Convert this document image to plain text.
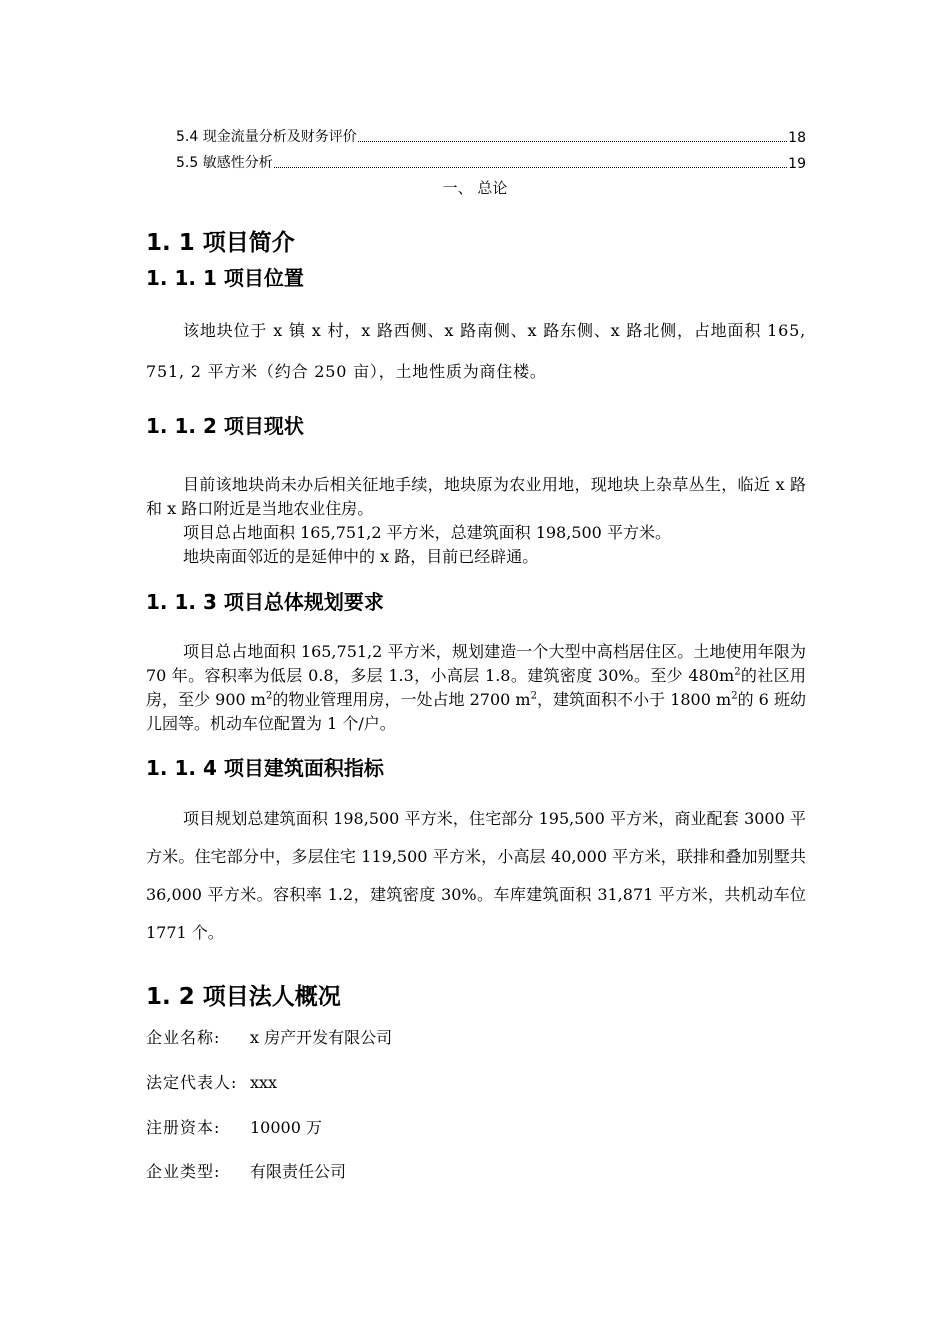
5.4 现金流量分析及财务评价	18
5.5 敏感性分析	19
一、 总论
1. 1 项目简介
1. 1. 1 项目位置

该地块位于 x 镇 x 村，x 路西侧、x 路南侧、x 路东侧、x 路北侧，占地面积 165, 751, 2 平方米（约合 250 亩），土地性质为商住楼。

1. 1. 2 项目现状

目前该地块尚未办后相关征地手续，地块原为农业用地，现地块上杂草丛生，临近 x 路和 x 路口附近是当地农业住房。

项目总占地面积 165,751,2 平方米，总建筑面积 198,500 平方米。

地块南面邻近的是延伸中的 x 路，目前已经辟通。

1. 1. 3 项目总体规划要求

项目总占地面积 165,751,2 平方米，规划建造一个大型中高档居住区。土地使用年限为 70 年。容积率为低层 0.8，多层 1.3，小高层 1.8。建筑密度 30%。至少 $480m^2$的社区用房，至少 900 $m^2$的物业管理用房，一处占地 2700 $m^2$，建筑面积不小于 1800 $m^2$的 6 班幼儿园等。机动车位配置为 1 个/户。

1. 1. 4 项目建筑面积指标

项目规划总建筑面积 198,500 平方米，住宅部分 195,500 平方米，商业配套 3000 平方米。住宅部分中，多层住宅 119,500 平方米，小高层 40,000 平方米，联排和叠加别墅共 36,000 平方米。容积率 1.2，建筑密度 30%。车库建筑面积 31,871 平方米，共机动车位 1771 个。

1. 2 项目法人概况
企业名称: x 房产开发有限公司
法定代表人: xxx
注册资本: 10000 万
企业类型: 有限责任公司
